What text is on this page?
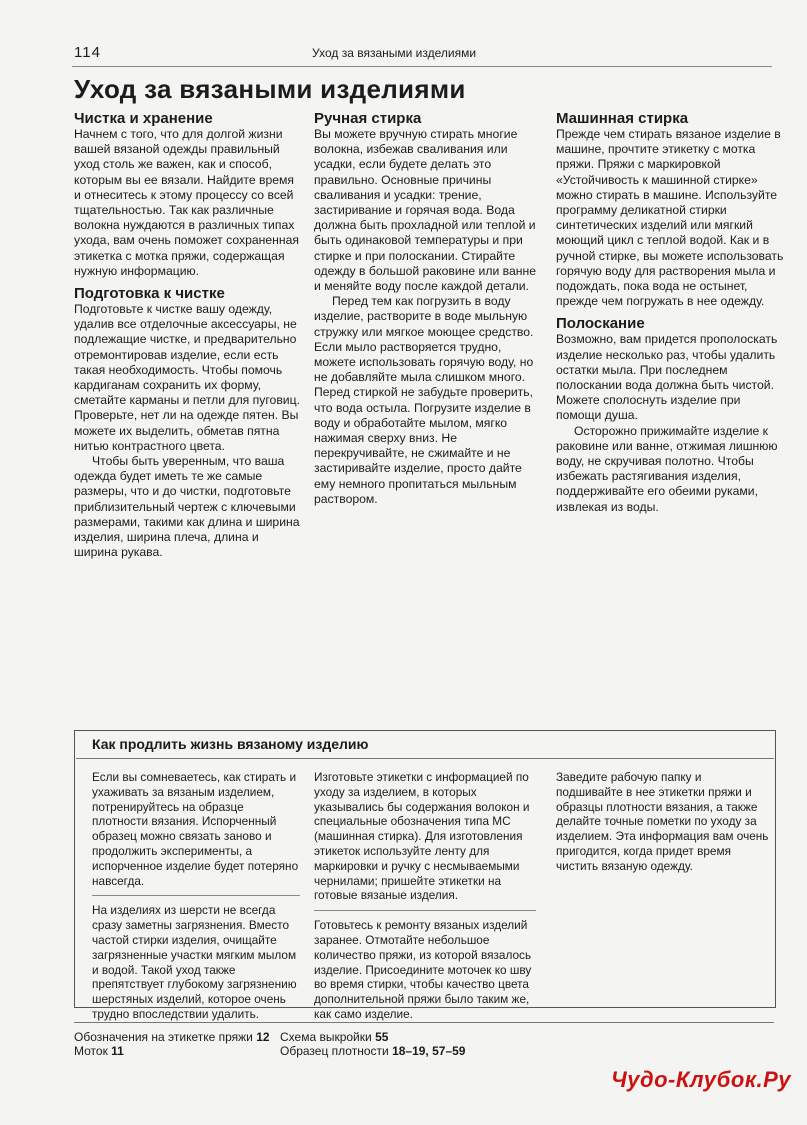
114	Уход за вязаными изделиями
Уход за вязаными изделиями
Чистка и хранение

Начнем с того, что для долгой жизни вашей вязаной одежды правильный уход столь же важен, как и способ, которым вы ее вязали. Найдите время и отнеситесь к этому процессу со всей тщательностью. Так как различные волокна нуждаются в различных типах ухода, вам очень поможет сохраненная этикетка с мотка пряжи, содержащая нужную информацию.

Подготовка к чистке

Подготовьте к чистке вашу одежду, удалив все отделочные аксессуары, не подлежащие чистке, и предварительно отремонтировав изделие, если есть такая необходимость. Чтобы помочь кардиганам сохранить их форму, сметайте карманы и петли для пуговиц. Проверьте, нет ли на одежде пятен. Вы можете их выделить, обметав пятна нитью контрастного цвета.

Чтобы быть уверенным, что ваша одежда будет иметь те же самые размеры, что и до чистки, подготовьте приблизительный чертеж с ключевыми размерами, такими как длина и ширина изделия, ширина плеча, длина и ширина рукава.

Ручная стирка

Вы можете вручную стирать многие волокна, избежав сваливания или усадки, если будете делать это правильно. Основные причины сваливания и усадки: трение, застиривание и горячая вода. Вода должна быть прохладной или теплой и быть одинаковой температуры и при стирке и при полоскании. Стирайте одежду в большой раковине или ванне и меняйте воду после каждой детали.

Перед тем как погрузить в воду изделие, растворите в воде мыльную стружку или мягкое моющее средство. Если мыло растворяется трудно, можете использовать горячую воду, но не добавляйте мыла слишком много. Перед стиркой не забудьте проверить, что вода остыла. Погрузите изделие в воду и обработайте мылом, мягко нажимая сверху вниз. Не перекручивайте, не сжимайте и не застиривайте изделие, просто дайте ему немного пропитаться мыльным раствором.

Машинная стирка

Прежде чем стирать вязаное изделие в машине, прочтите этикетку с мотка пряжи. Пряжи с маркировкой «Устойчивость к машинной стирке» можно стирать в машине. Используйте программу деликатной стирки синтетических изделий или мягкий моющий цикл с теплой водой. Как и в ручной стирке, вы можете использовать горячую воду для растворения мыла и подождать, пока вода не остынет, прежде чем погружать в нее одежду.

Полоскание

Возможно, вам придется прополоскать изделие несколько раз, чтобы удалить остатки мыла. При последнем полоскании вода должна быть чистой. Можете сполоснуть изделие при помощи душа.

Осторожно прижимайте изделие к раковине или ванне, отжимая лишнюю воду, не скручивая полотно. Чтобы избежать растягивания изделия, поддерживайте его обеими руками, извлекая из воды.

Как продлить жизнь вязаному изделию

Если вы сомневаетесь, как стирать и ухаживать за вязаным изделием, потренируйтесь на образце плотности вязания. Испорченный образец можно связать заново и продолжить эксперименты, а испорченное изделие будет потеряно навсегда.

На изделиях из шерсти не всегда сразу заметны загрязнения. Вместо частой стирки изделия, очищайте загрязненные участки мягким мылом и водой. Такой уход также препятствует глубокому загрязнению шерстяных изделий, которое очень трудно впоследствии удалить.

Изготовьте этикетки с информацией по уходу за изделием, в которых указывались бы содержания волокон и специальные обозначения типа МС (машинная стирка). Для изготовления этикеток используйте ленту для маркировки и ручку с несмываемыми чернилами; пришейте этикетки на готовые вязаные изделия.

Готовьтесь к ремонту вязаных изделий заранее. Отмотайте небольшое количество пряжи, из которой вязалось изделие. Присоедините моточек ко шву во время стирки, чтобы качество цвета дополнительной пряжи было таким же, как само изделие.

Заведите рабочую папку и подшивайте в нее этикетки пряжи и образцы плотности вязания, а также делайте точные пометки по уходу за изделием. Эта информация вам очень пригодится, когда придет время чистить вязаную одежду.

Обозначения на этикетке пряжи 12
Моток 11
Схема выкройки 55
Образец плотности 18–19, 57–59
Чудо-Клубок.Ру
